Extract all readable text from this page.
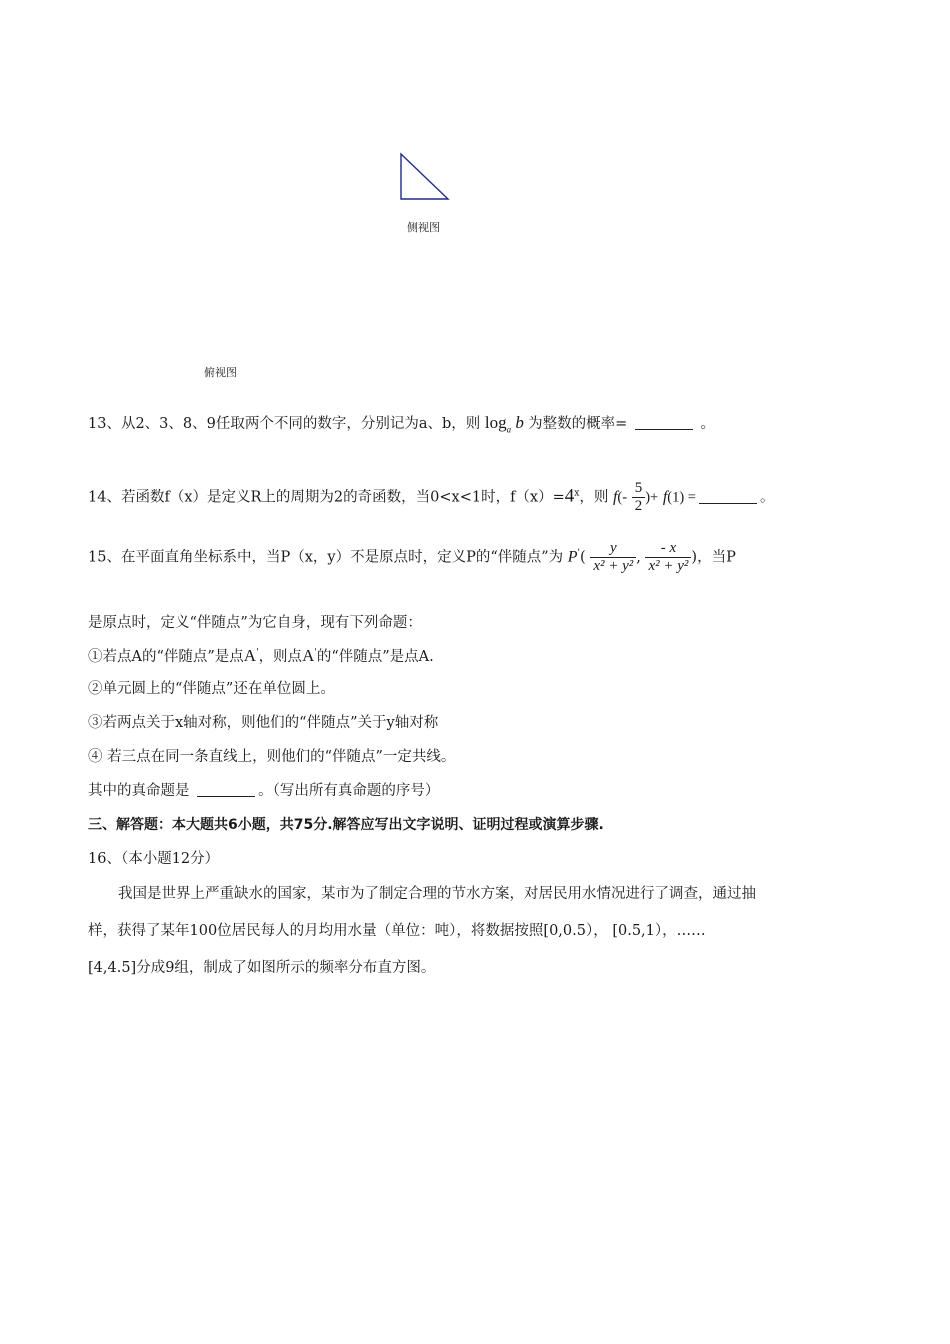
侧视图
俯视图
13、从2、3、8、9任取两个不同的数字，分别记为a、b，则 $\log_a b$ 为整数的概率=	。
14、若函数f（x）是定义R上的周期为2的奇函数，当0<x<1时，$f(x)=4^x$，则 $f(- \frac{5}{2}$ )+ f(1) =	。
15、在平面直角坐标系中，当P（x，y）不是原点时，定义P的“伴随点”为 $P'( \frac{y}{\text{x² + y²}}$ , $\frac{- x}{\text{x² + y²}}$ )，当P
是原点时，定义“伴随点”为它自身，现有下列命题：
①若点A的“伴随点”是点A'，则点A'的“伴随点”是点A.
②单元圆上的“伴随点”还在单位圆上。
③若两点关于x轴对称，则他们的“伴随点”关于y轴对称
④ 若三点在同一条直线上，则他们的“伴随点”一定共线。
其中的真命题是	。（写出所有真命题的序号）
三、解答题：本大题共6小题，共75分.解答应写出文字说明、证明过程或演算步骤.
16、（本小题12分）
我国是世界上严重缺水的国家，某市为了制定合理的节水方案，对居民用水情况进行了调查，通过抽
样，获得了某年100位居民每人的月均用水量（单位：吨），将数据按照[0,0.5）， [0.5,1），……
[4,4.5]分成9组，制成了如图所示的频率分布直方图。
